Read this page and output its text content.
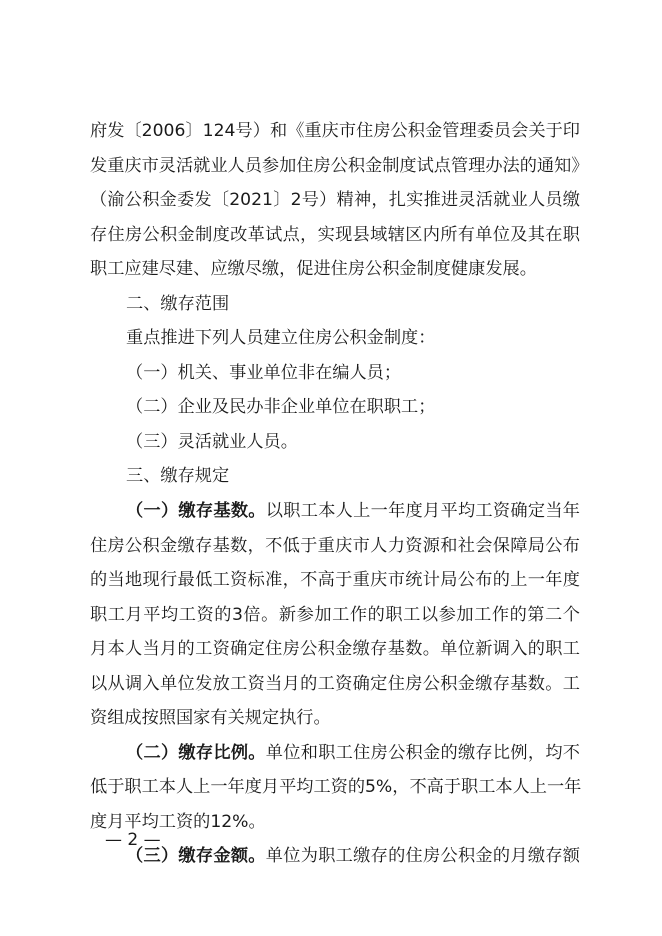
府发〔2006〕124号）和《重庆市住房公积金管理委员会关于印
发重庆市灵活就业人员参加住房公积金制度试点管理办法的通知》
（渝公积金委发〔2021〕2号）精神，扎实推进灵活就业人员缴
存住房公积金制度改革试点，实现县域辖区内所有单位及其在职
职工应建尽建、应缴尽缴，促进住房公积金制度健康发展。
二、缴存范围
重点推进下列人员建立住房公积金制度：
（一）机关、事业单位非在编人员；
（二）企业及民办非企业单位在职职工；
（三）灵活就业人员。
三、缴存规定
（一）缴存基数。以职工本人上一年度月平均工资确定当年
住房公积金缴存基数，不低于重庆市人力资源和社会保障局公布
的当地现行最低工资标准，不高于重庆市统计局公布的上一年度
职工月平均工资的3倍。新参加工作的职工以参加工作的第二个
月本人当月的工资确定住房公积金缴存基数。单位新调入的职工
以从调入单位发放工资当月的工资确定住房公积金缴存基数。工
资组成按照国家有关规定执行。
（二）缴存比例。单位和职工住房公积金的缴存比例，均不
低于职工本人上一年度月平均工资的5%，不高于职工本人上一年
度月平均工资的12%。
（三）缴存金额。单位为职工缴存的住房公积金的月缴存额
— 2 —
